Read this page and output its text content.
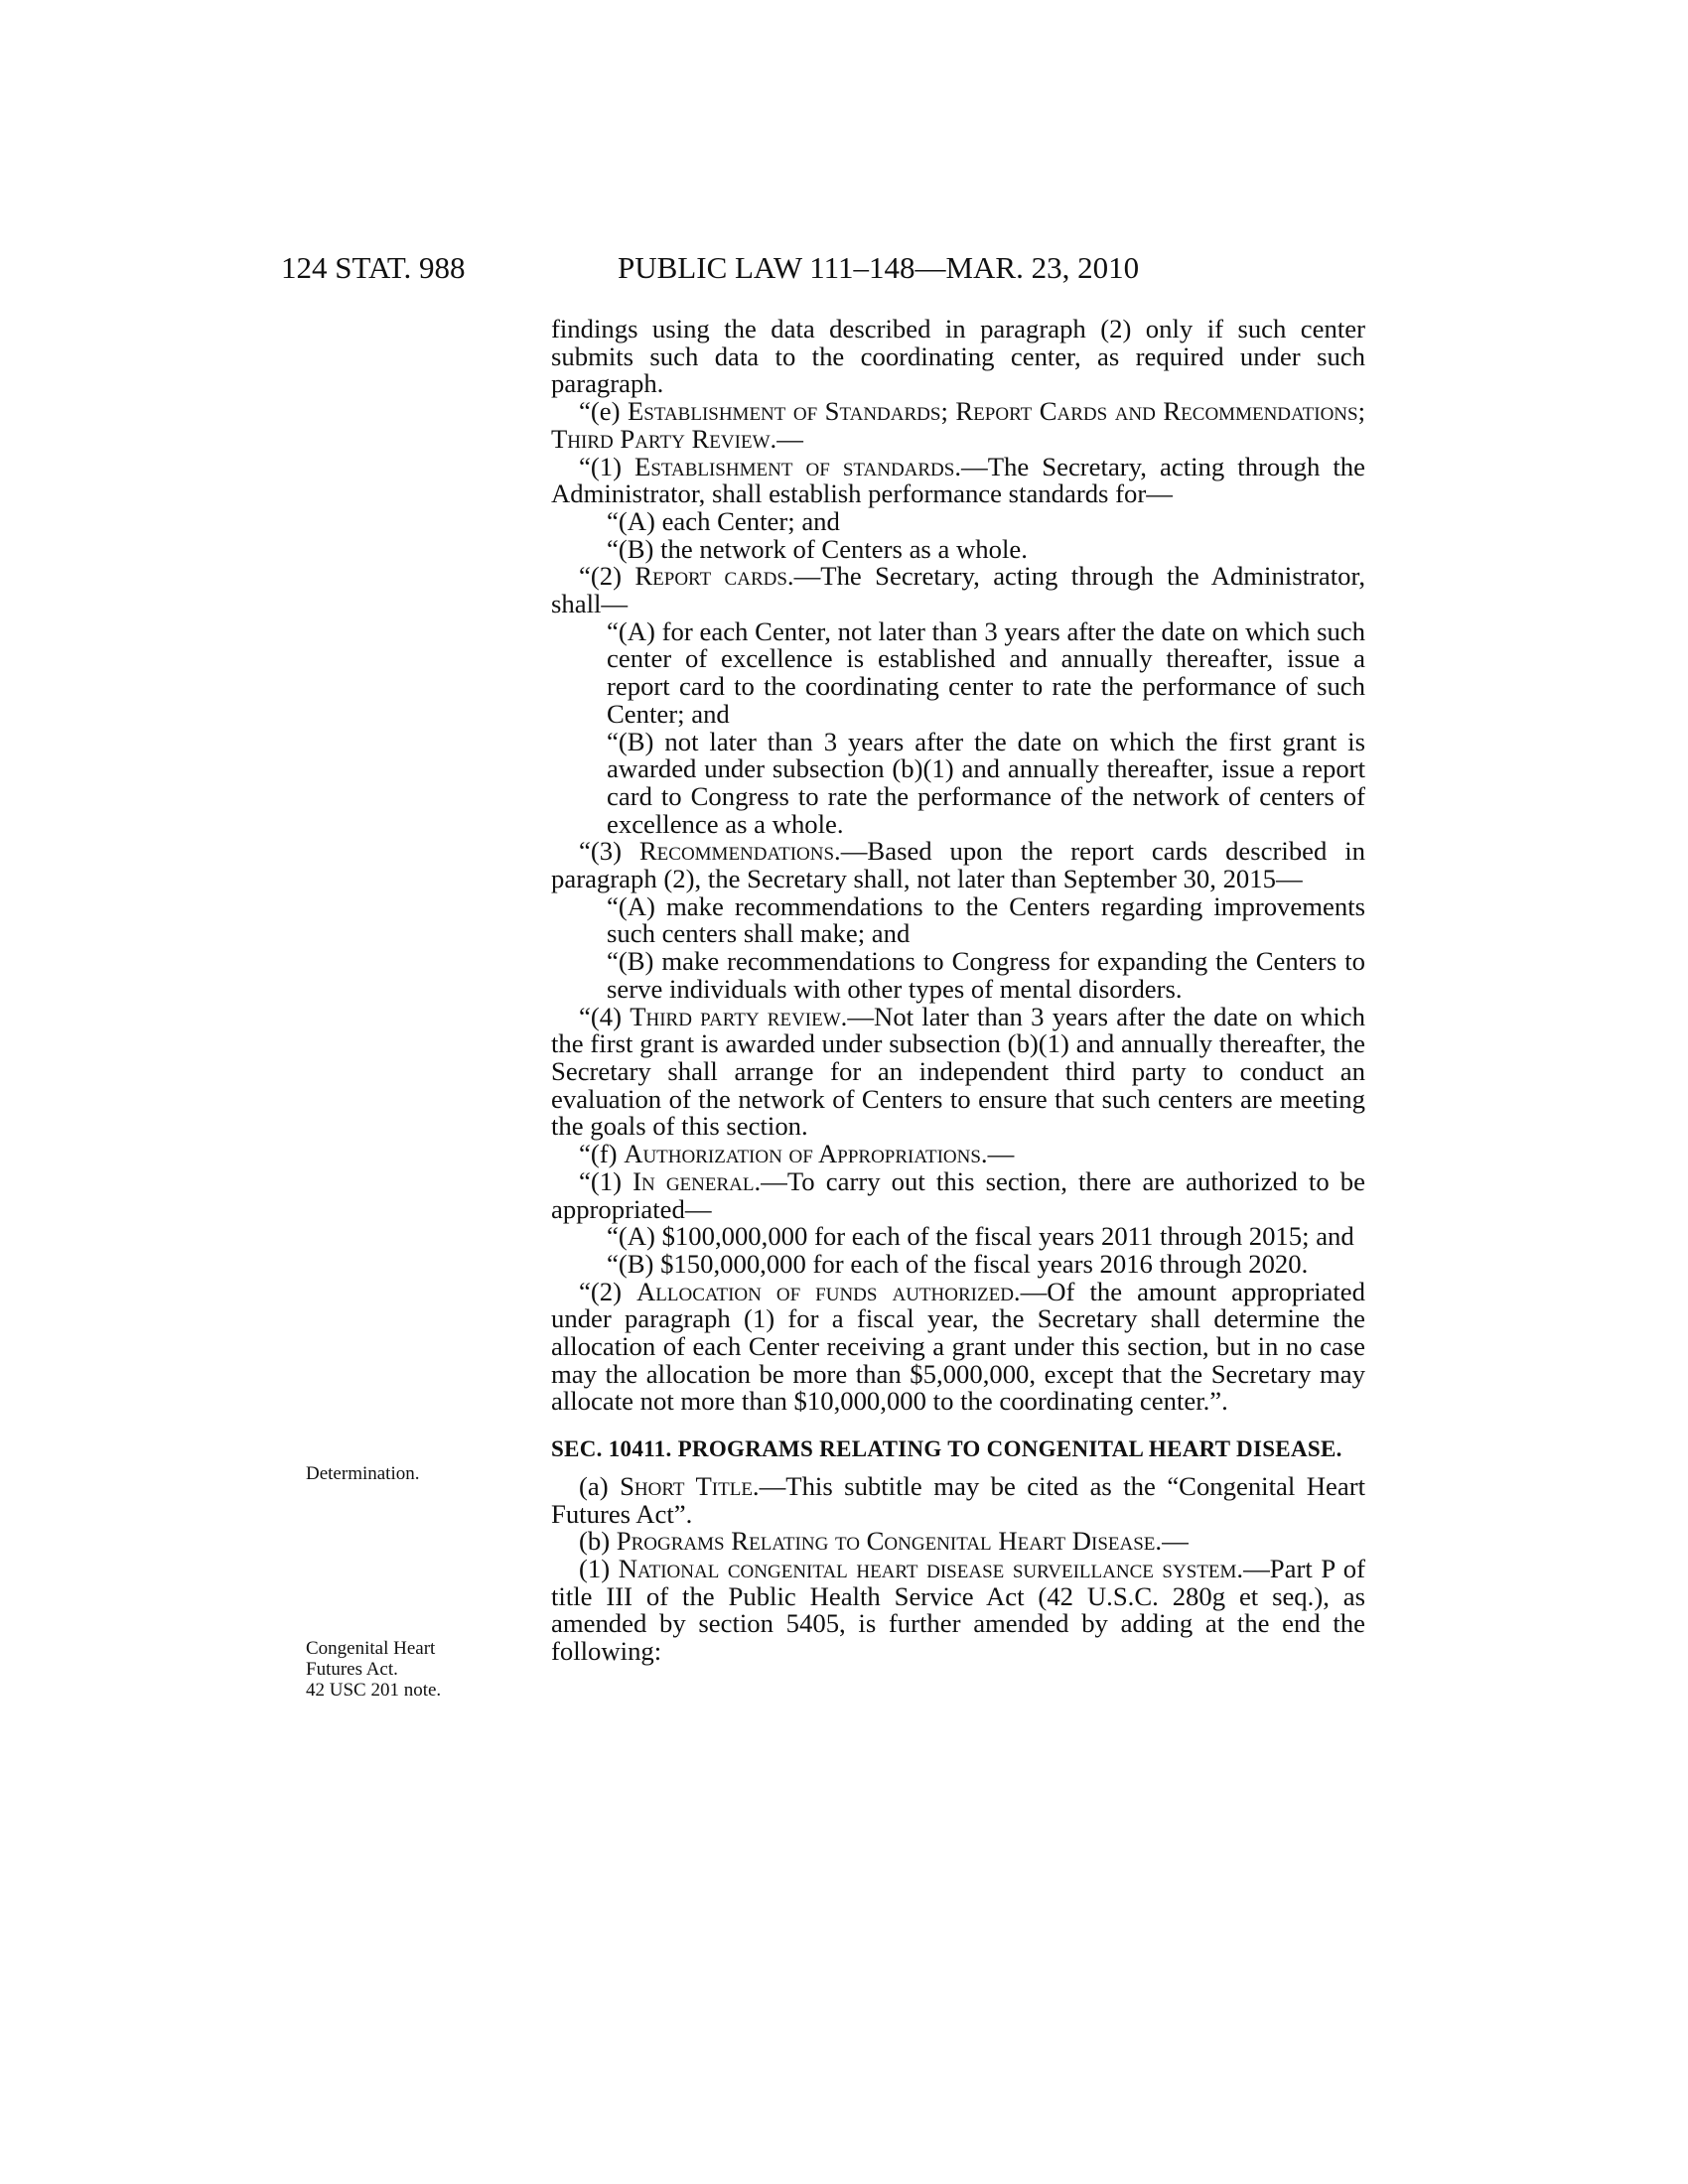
124 STAT. 988	PUBLIC LAW 111–148—MAR. 23, 2010
Determination.
Congenital Heart
Futures Act.
42 USC 201 note.

findings using the data described in paragraph (2) only if such center submits such data to the coordinating center, as required under such paragraph.

“(e) Establishment of Standards; Report Cards and Recommendations; Third Party Review.—

“(1) Establishment of standards.—The Secretary, acting through the Administrator, shall establish performance standards for—

“(A) each Center; and

“(B) the network of Centers as a whole.

“(2) Report cards.—The Secretary, acting through the Administrator, shall—

“(A) for each Center, not later than 3 years after the date on which such center of excellence is established and annually thereafter, issue a report card to the coordinating center to rate the performance of such Center; and

“(B) not later than 3 years after the date on which the first grant is awarded under subsection (b)(1) and annually thereafter, issue a report card to Congress to rate the performance of the network of centers of excellence as a whole.

“(3) Recommendations.—Based upon the report cards described in paragraph (2), the Secretary shall, not later than September 30, 2015—

“(A) make recommendations to the Centers regarding improvements such centers shall make; and

“(B) make recommendations to Congress for expanding the Centers to serve individuals with other types of mental disorders.

“(4) Third party review.—Not later than 3 years after the date on which the first grant is awarded under subsection (b)(1) and annually thereafter, the Secretary shall arrange for an independent third party to conduct an evaluation of the network of Centers to ensure that such centers are meeting the goals of this section.

“(f) Authorization of Appropriations.—

“(1) In general.—To carry out this section, there are authorized to be appropriated—

“(A) $100,000,000 for each of the fiscal years 2011 through 2015; and

“(B) $150,000,000 for each of the fiscal years 2016 through 2020.

“(2) Allocation of funds authorized.—Of the amount appropriated under paragraph (1) for a fiscal year, the Secretary shall determine the allocation of each Center receiving a grant under this section, but in no case may the allocation be more than $5,000,000, except that the Secretary may allocate not more than $10,000,000 to the coordinating center.”.

SEC. 10411. PROGRAMS RELATING TO CONGENITAL HEART DISEASE.

(a) Short Title.—This subtitle may be cited as the “Congenital Heart Futures Act”.

(b) Programs Relating to Congenital Heart Disease.—

(1) National congenital heart disease surveillance system.—Part P of title III of the Public Health Service Act (42 U.S.C. 280g et seq.), as amended by section 5405, is further amended by adding at the end the following:
